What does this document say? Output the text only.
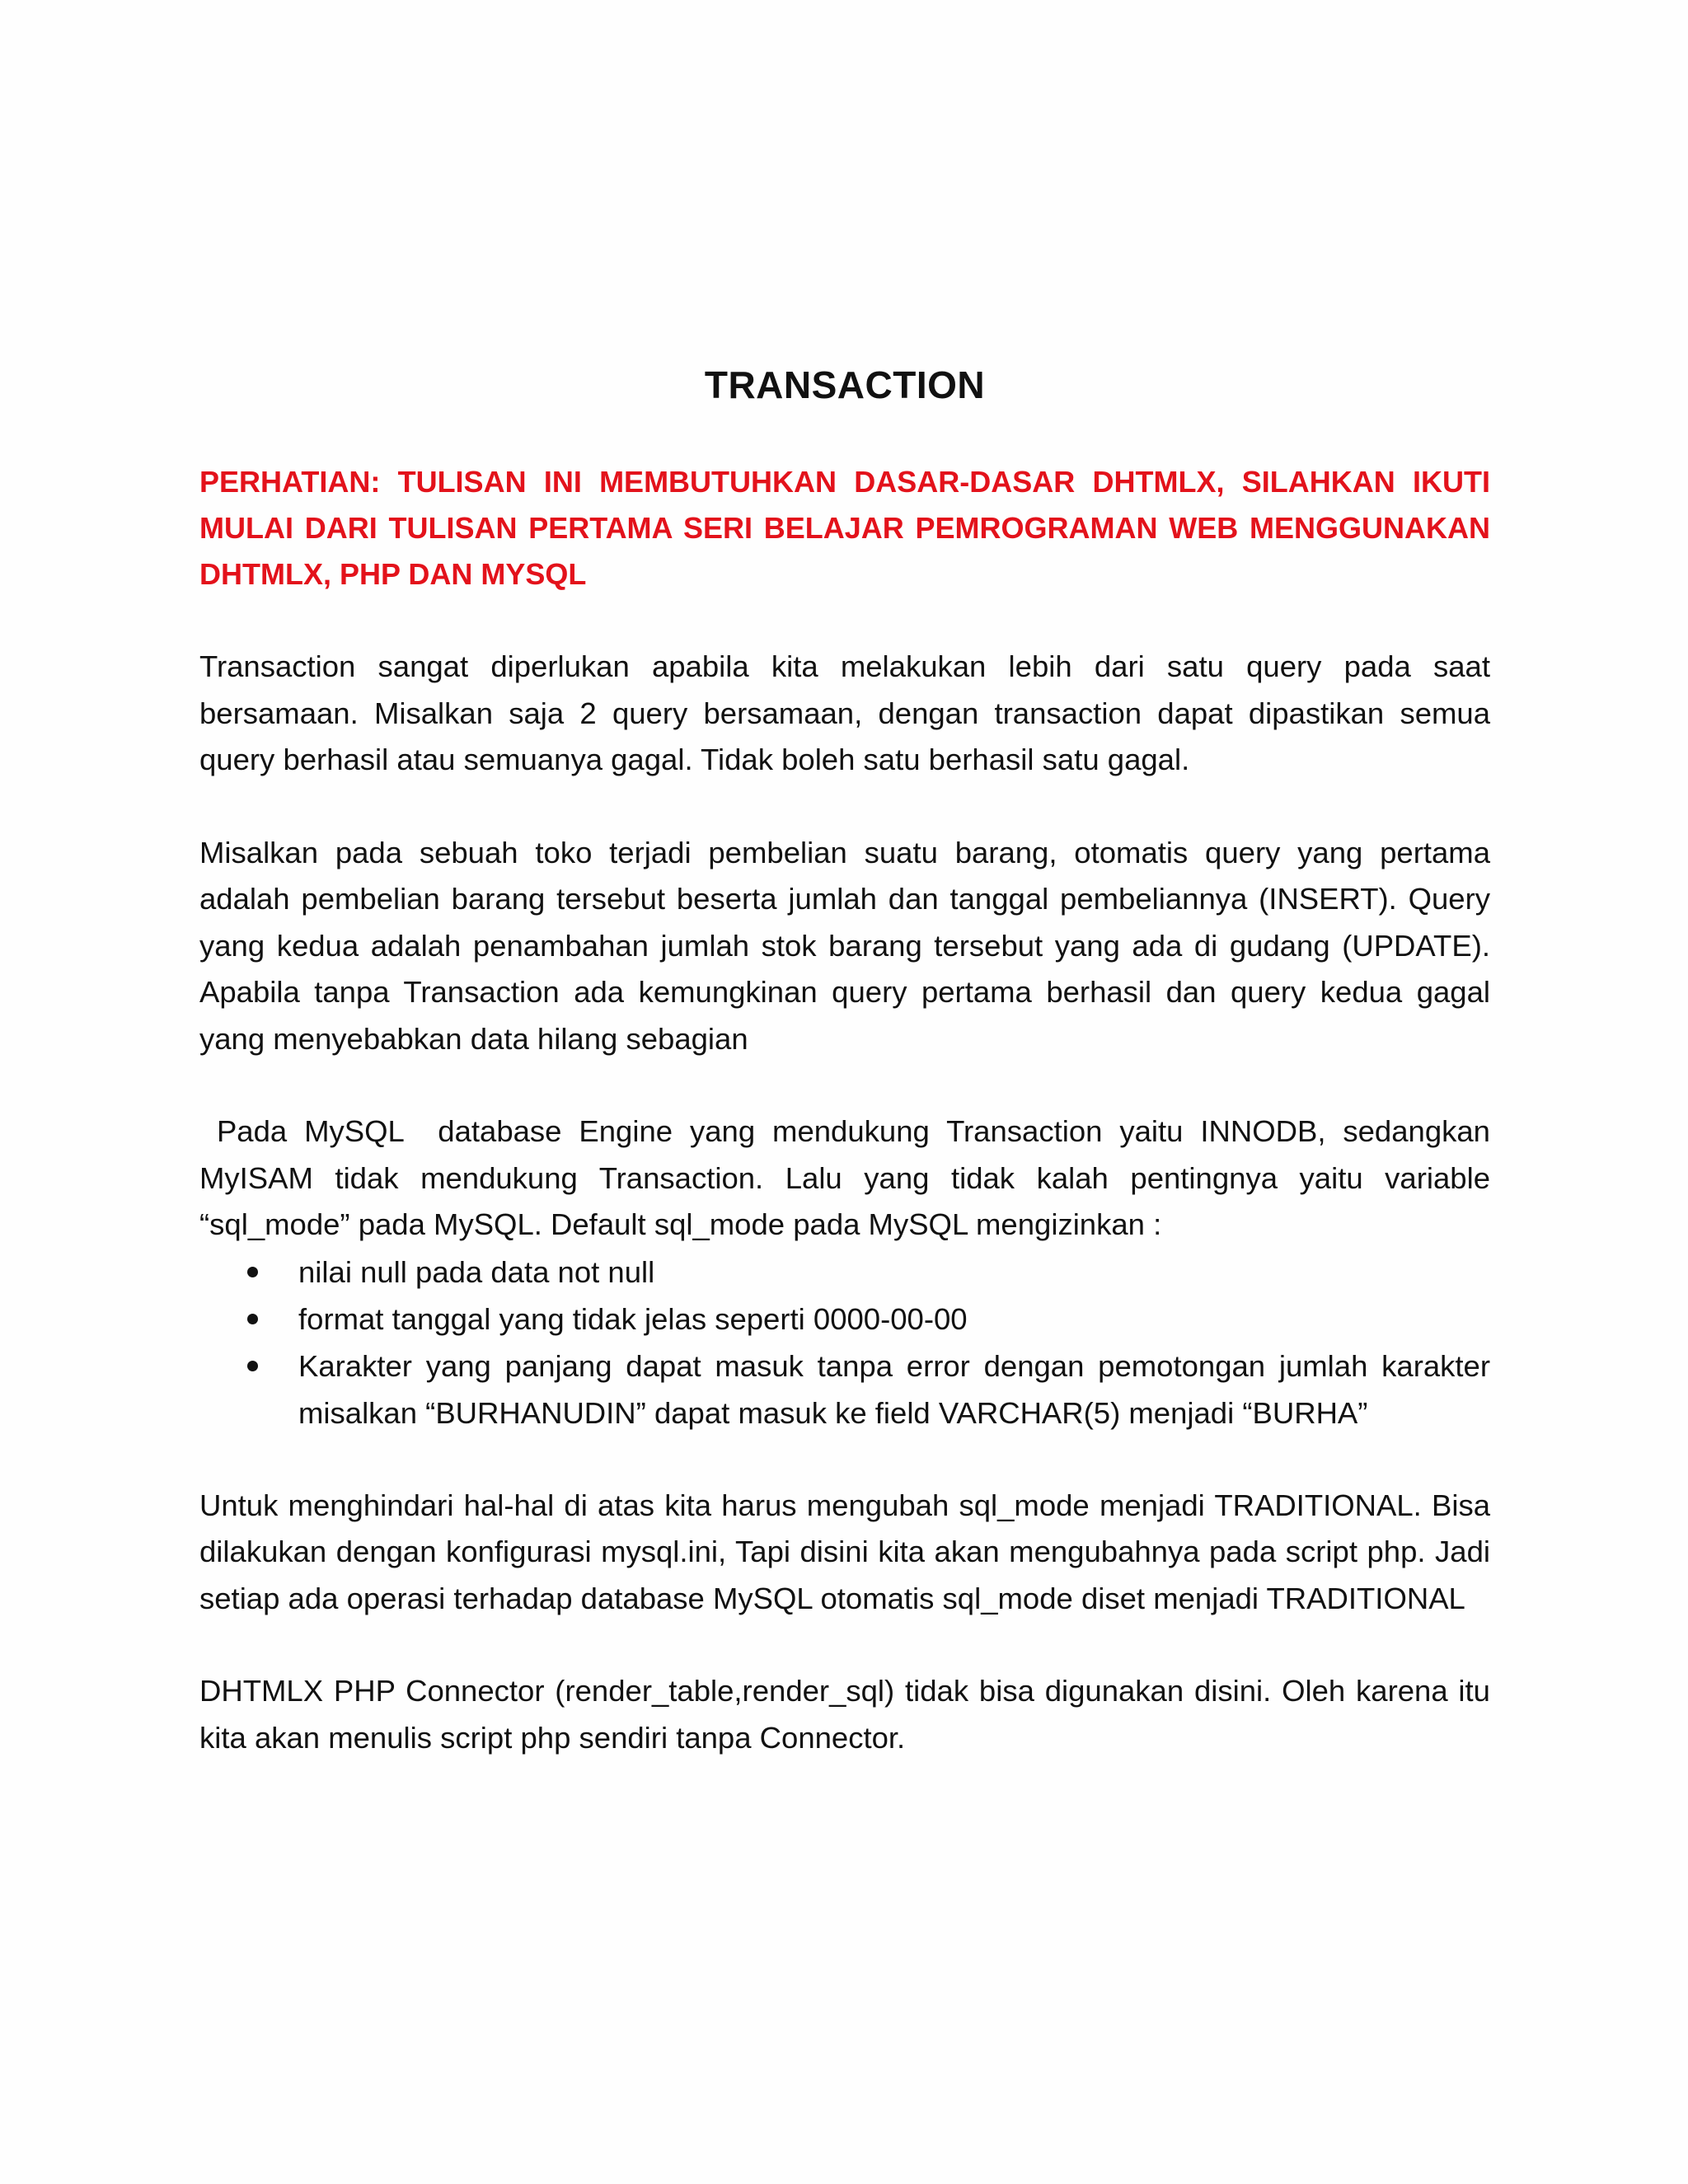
TRANSACTION
PERHATIAN: TULISAN INI MEMBUTUHKAN DASAR-DASAR DHTMLX, SILAHKAN IKUTI MULAI DARI TULISAN PERTAMA SERI BELAJAR PEMROGRAMAN WEB MENGGUNAKAN DHTMLX, PHP DAN MYSQL

Transaction sangat diperlukan apabila kita melakukan lebih dari satu query pada saat bersamaan. Misalkan saja 2 query bersamaan, dengan transaction dapat dipastikan semua query berhasil atau semuanya gagal. Tidak boleh satu berhasil satu gagal.

Misalkan pada sebuah toko terjadi pembelian suatu barang, otomatis query yang pertama adalah pembelian barang tersebut beserta jumlah dan tanggal pembeliannya (INSERT). Query yang kedua adalah penambahan jumlah stok barang tersebut yang ada di gudang (UPDATE). Apabila tanpa Transaction ada kemungkinan query pertama berhasil dan query kedua gagal yang menyebabkan data hilang sebagian

Pada MySQL  database Engine yang mendukung Transaction yaitu INNODB, sedangkan MyISAM tidak mendukung Transaction. Lalu yang tidak kalah pentingnya yaitu variable “sql_mode” pada MySQL. Default sql_mode pada MySQL mengizinkan :

nilai null pada data not null
format tanggal yang tidak jelas seperti 0000-00-00
Karakter yang panjang dapat masuk tanpa error dengan pemotongan jumlah karakter misalkan “BURHANUDIN” dapat masuk ke field VARCHAR(5) menjadi “BURHA”

Untuk menghindari hal-hal di atas kita harus mengubah sql_mode menjadi TRADITIONAL. Bisa dilakukan dengan konfigurasi mysql.ini, Tapi disini kita akan mengubahnya pada script php. Jadi setiap ada operasi terhadap database MySQL otomatis sql_mode diset menjadi TRADITIONAL

DHTMLX PHP Connector (render_table,render_sql) tidak bisa digunakan disini. Oleh karena itu kita akan menulis script php sendiri tanpa Connector.
